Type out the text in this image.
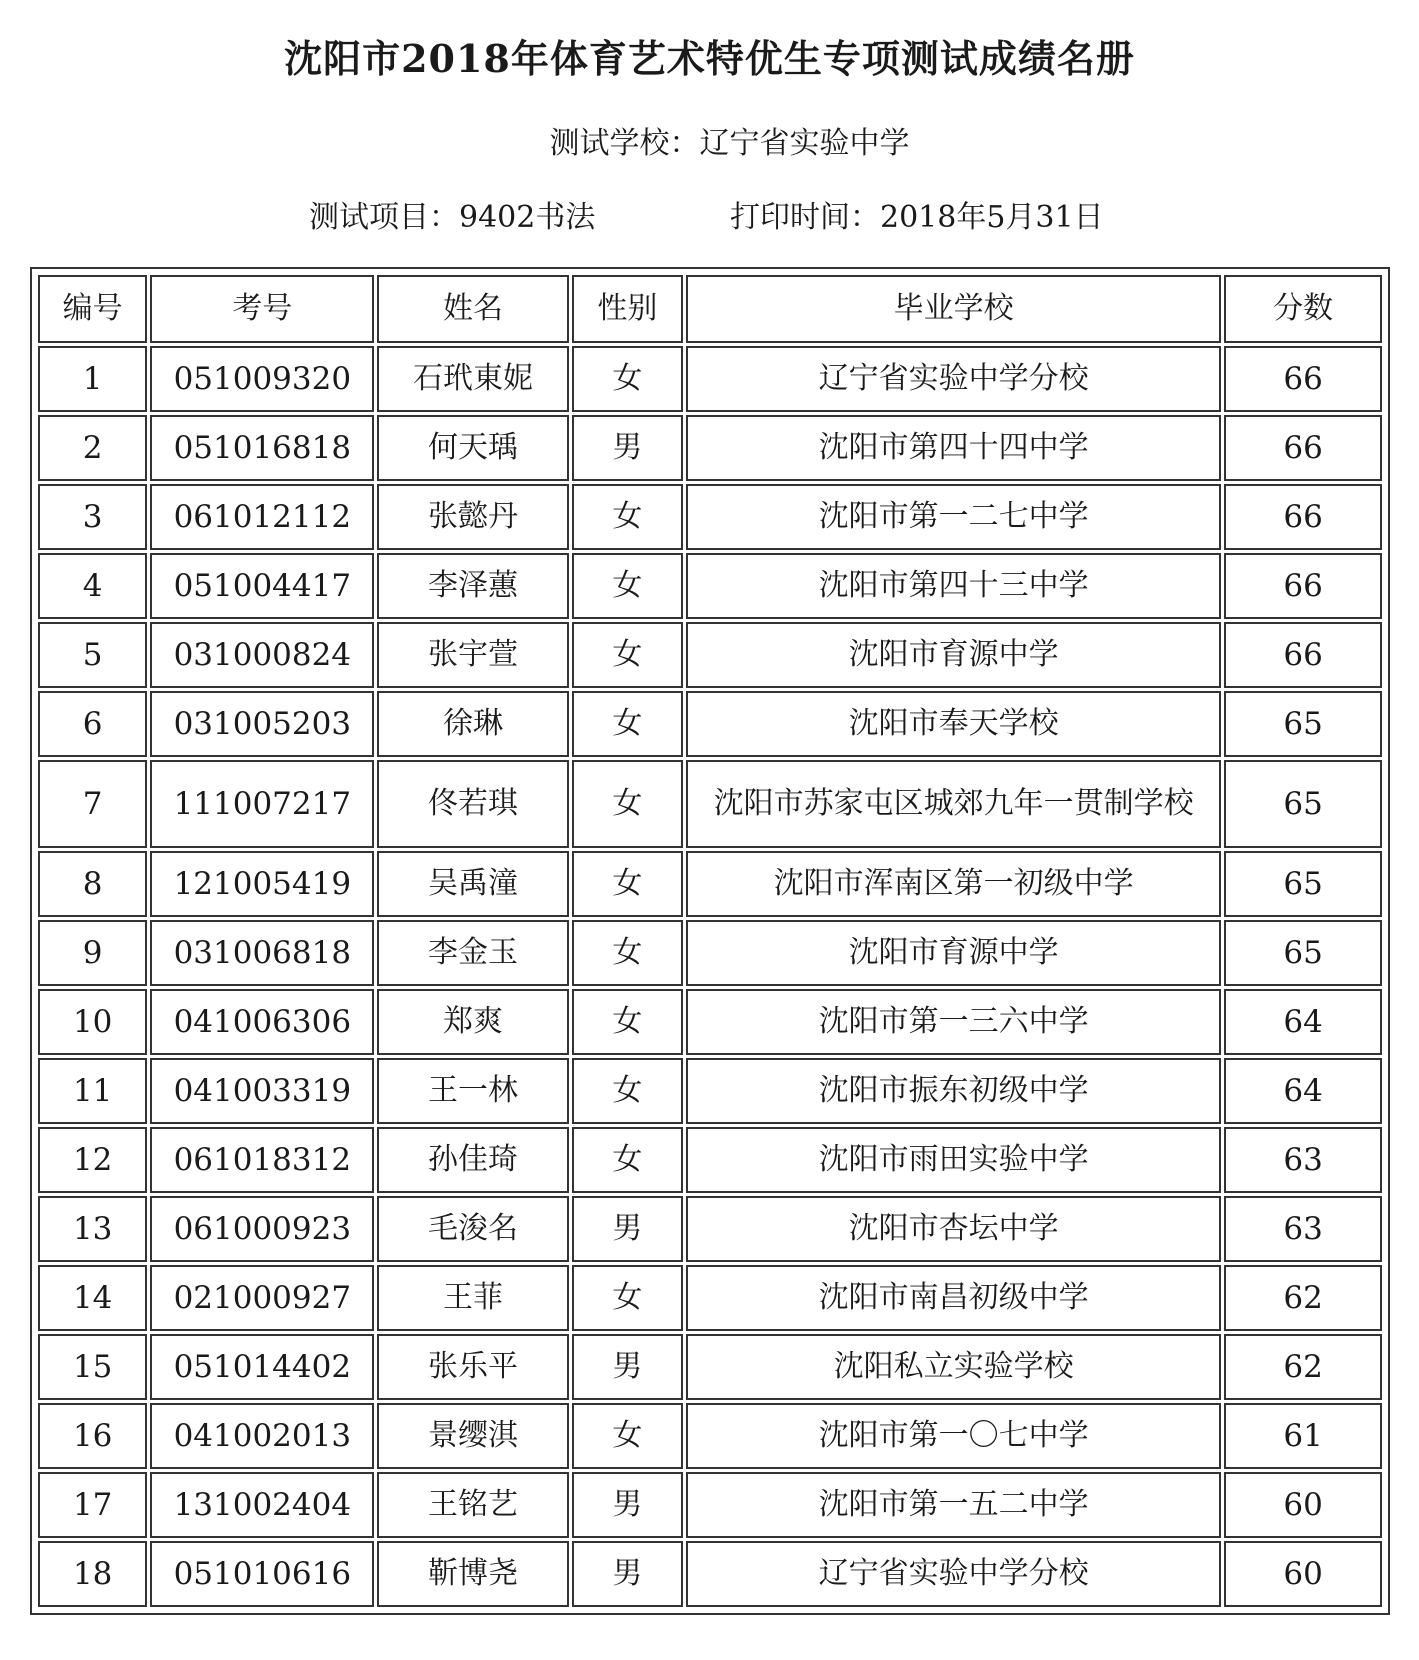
沈阳市2018年体育艺术特优生专项测试成绩名册
测试学校：辽宁省实验中学
测试项目：9402书法	打印时间：2018年5月31日
编号	考号	姓名	性别	毕业学校	分数
1	051009320	石玳東妮	女	辽宁省实验中学分校	66
2	051016818	何天瑀	男	沈阳市第四十四中学	66
3	061012112	张懿丹	女	沈阳市第一二七中学	66
4	051004417	李泽蕙	女	沈阳市第四十三中学	66
5	031000824	张宇萱	女	沈阳市育源中学	66
6	031005203	徐琳	女	沈阳市奉天学校	65
7	111007217	佟若琪	女	沈阳市苏家屯区城郊九年一贯制学校	65
8	121005419	吴禹潼	女	沈阳市浑南区第一初级中学	65
9	031006818	李金玉	女	沈阳市育源中学	65
10	041006306	郑爽	女	沈阳市第一三六中学	64
11	041003319	王一林	女	沈阳市振东初级中学	64
12	061018312	孙佳琦	女	沈阳市雨田实验中学	63
13	061000923	毛浚名	男	沈阳市杏坛中学	63
14	021000927	王菲	女	沈阳市南昌初级中学	62
15	051014402	张乐平	男	沈阳私立实验学校	62
16	041002013	景缨淇	女	沈阳市第一〇七中学	61
17	131002404	王铭艺	男	沈阳市第一五二中学	60
18	051010616	靳博尧	男	辽宁省实验中学分校	60
